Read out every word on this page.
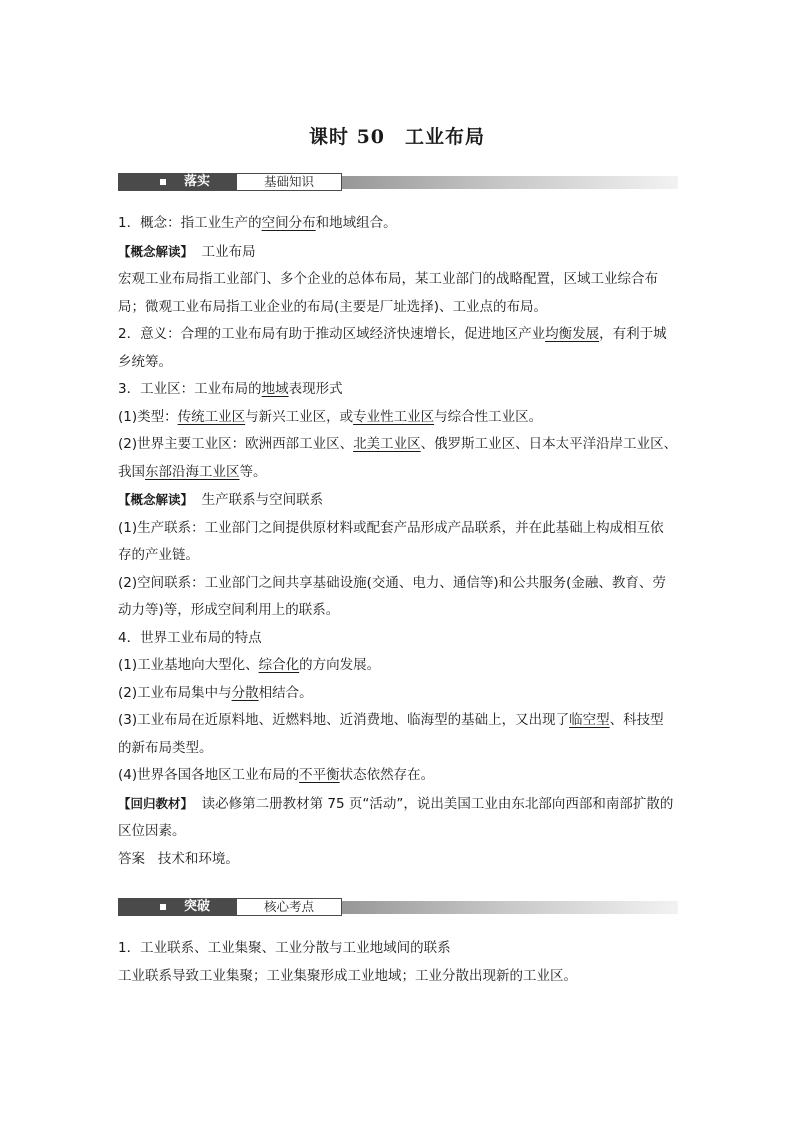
课时 50　工业布局
落实	基础知识

1．概念：指工业生产的空间分布和地域组合。

【概念解读】 工业布局

宏观工业布局指工业部门、多个企业的总体布局，某工业部门的战略配置，区域工业综合布

局；微观工业布局指工业企业的布局(主要是厂址选择)、工业点的布局。

2．意义：合理的工业布局有助于推动区域经济快速增长，促进地区产业均衡发展，有利于城

乡统筹。

3．工业区：工业布局的地域表现形式

(1)类型：传统工业区与新兴工业区，或专业性工业区与综合性工业区。

(2)世界主要工业区：欧洲西部工业区、北美工业区、俄罗斯工业区、日本太平洋沿岸工业区、

我国东部沿海工业区等。

【概念解读】 生产联系与空间联系

(1)生产联系：工业部门之间提供原材料或配套产品形成产品联系，并在此基础上构成相互依

存的产业链。

(2)空间联系：工业部门之间共享基础设施(交通、电力、通信等)和公共服务(金融、教育、劳

动力等)等，形成空间利用上的联系。

4．世界工业布局的特点

(1)工业基地向大型化、综合化的方向发展。

(2)工业布局集中与分散相结合。

(3)工业布局在近原料地、近燃料地、近消费地、临海型的基础上，又出现了临空型、科技型

的新布局类型。

(4)世界各国各地区工业布局的不平衡状态依然存在。

【回归教材】 读必修第二册教材第 75 页“活动”，说出美国工业由东北部向西部和南部扩散的

区位因素。

答案 技术和环境。

突破	核心考点

1．工业联系、工业集聚、工业分散与工业地域间的联系

工业联系导致工业集聚；工业集聚形成工业地域；工业分散出现新的工业区。
